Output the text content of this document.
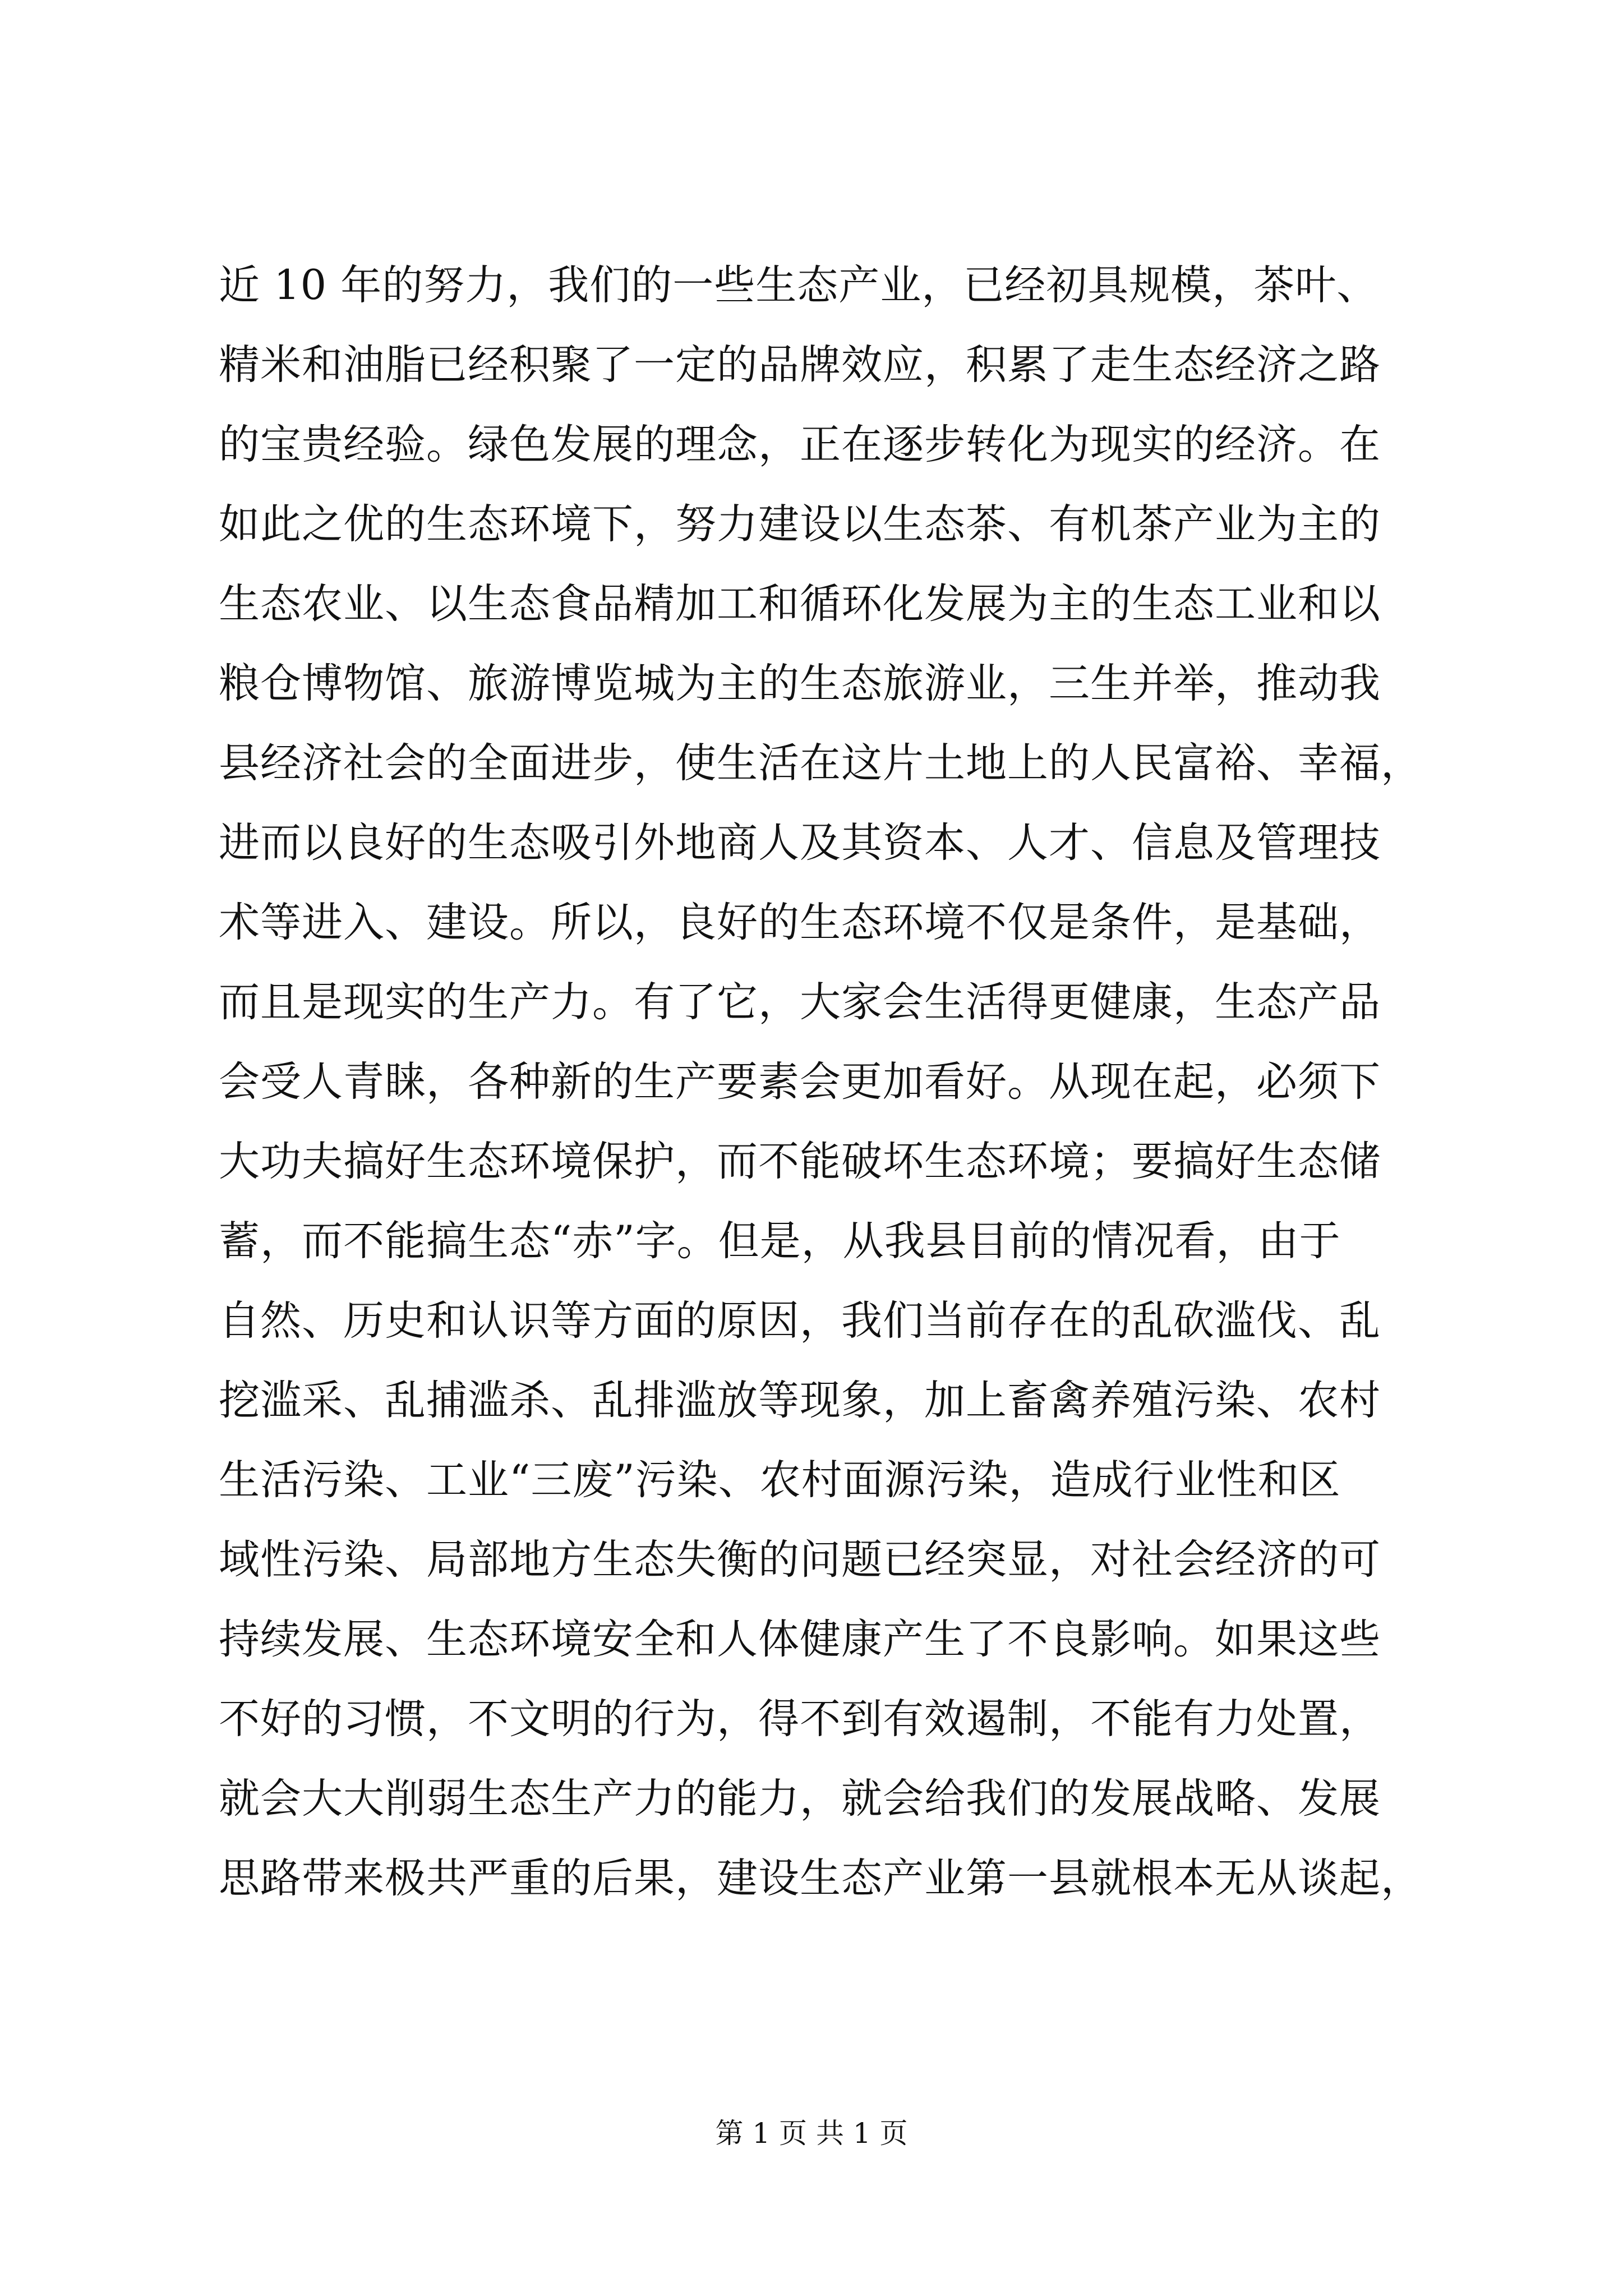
近 10 年的努力，我们的一些生态产业，已经初具规模，茶叶、
精米和油脂已经积聚了一定的品牌效应，积累了走生态经济之路
的宝贵经验。绿色发展的理念，正在逐步转化为现实的经济。在
如此之优的生态环境下，努力建设以生态茶、有机茶产业为主的
生态农业、以生态食品精加工和循环化发展为主的生态工业和以
粮仓博物馆、旅游博览城为主的生态旅游业，三生并举，推动我
县经济社会的全面进步，使生活在这片土地上的人民富裕、幸福，
进而以良好的生态吸引外地商人及其资本、人才、信息及管理技
术等进入、建设。所以，良好的生态环境不仅是条件，是基础，
而且是现实的生产力。有了它，大家会生活得更健康，生态产品
会受人青睐，各种新的生产要素会更加看好。从现在起，必须下
大功夫搞好生态环境保护，而不能破坏生态环境；要搞好生态储
蓄，而不能搞生态“赤”字。但是，从我县目前的情况看，由于
自然、历史和认识等方面的原因，我们当前存在的乱砍滥伐、乱
挖滥采、乱捕滥杀、乱排滥放等现象，加上畜禽养殖污染、农村
生活污染、工业“三废”污染、农村面源污染，造成行业性和区
域性污染、局部地方生态失衡的问题已经突显，对社会经济的可
持续发展、生态环境安全和人体健康产生了不良影响。如果这些
不好的习惯，不文明的行为，得不到有效遏制，不能有力处置，
就会大大削弱生态生产力的能力，就会给我们的发展战略、发展
思路带来极共严重的后果，建设生态产业第一县就根本无从谈起，
第 1 页 共 1 页
